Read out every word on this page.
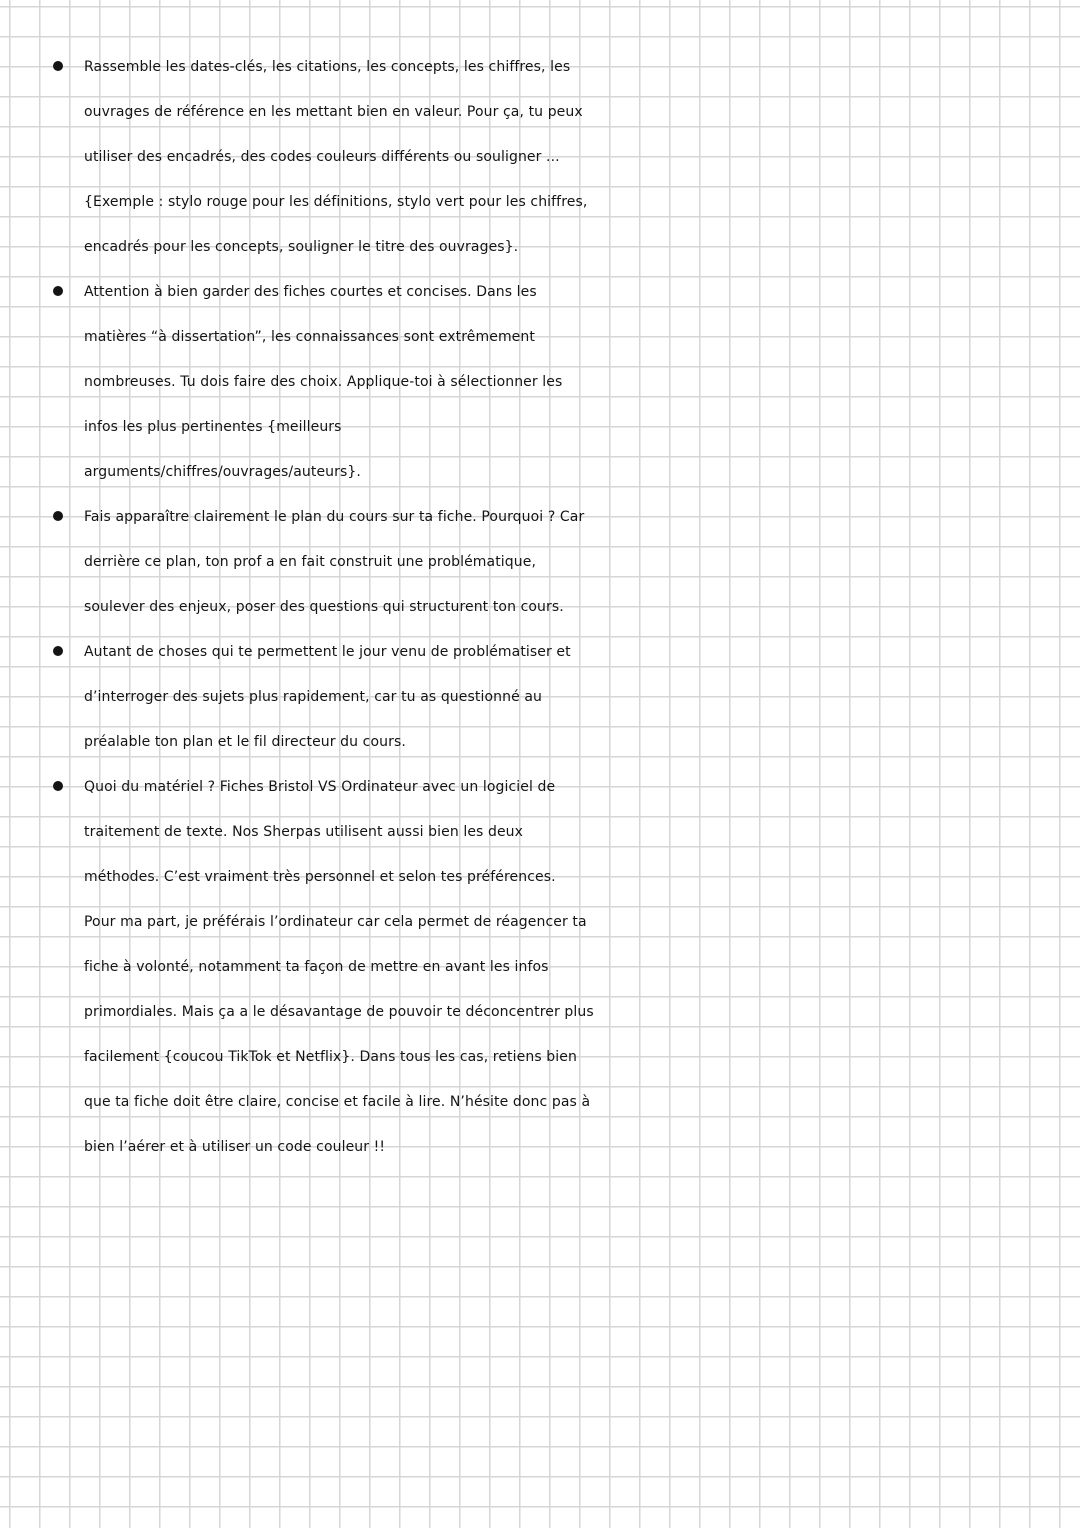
Rassemble les dates-clés, les citations, les concepts, les chiffres, les
ouvrages de référence en les mettant bien en valeur. Pour ça, tu peux
utiliser des encadrés, des codes couleurs différents ou souligner ...
{Exemple : stylo rouge pour les définitions, stylo vert pour les chiffres,
encadrés pour les concepts, souligner le titre des ouvrages}.
Attention à bien garder des fiches courtes et concises. Dans les
matières “à dissertation”, les connaissances sont extrêmement
nombreuses. Tu dois faire des choix. Applique-toi à sélectionner les
infos les plus pertinentes {meilleurs
arguments/chiffres/ouvrages/auteurs}.
Fais apparaître clairement le plan du cours sur ta fiche. Pourquoi ? Car
derrière ce plan, ton prof a en fait construit une problématique,
soulever des enjeux, poser des questions qui structurent ton cours.
Autant de choses qui te permettent le jour venu de problématiser et
d’interroger des sujets plus rapidement, car tu as questionné au
préalable ton plan et le fil directeur du cours.
Quoi du matériel ? Fiches Bristol VS Ordinateur avec un logiciel de
traitement de texte. Nos Sherpas utilisent aussi bien les deux
méthodes. C’est vraiment très personnel et selon tes préférences.
Pour ma part, je préférais l’ordinateur car cela permet de réagencer ta
fiche à volonté, notamment ta façon de mettre en avant les infos
primordiales. Mais ça a le désavantage de pouvoir te déconcentrer plus
facilement {coucou TikTok et Netflix}. Dans tous les cas, retiens bien
que ta fiche doit être claire, concise et facile à lire. N’hésite donc pas à
bien l’aérer et à utiliser un code couleur !!
